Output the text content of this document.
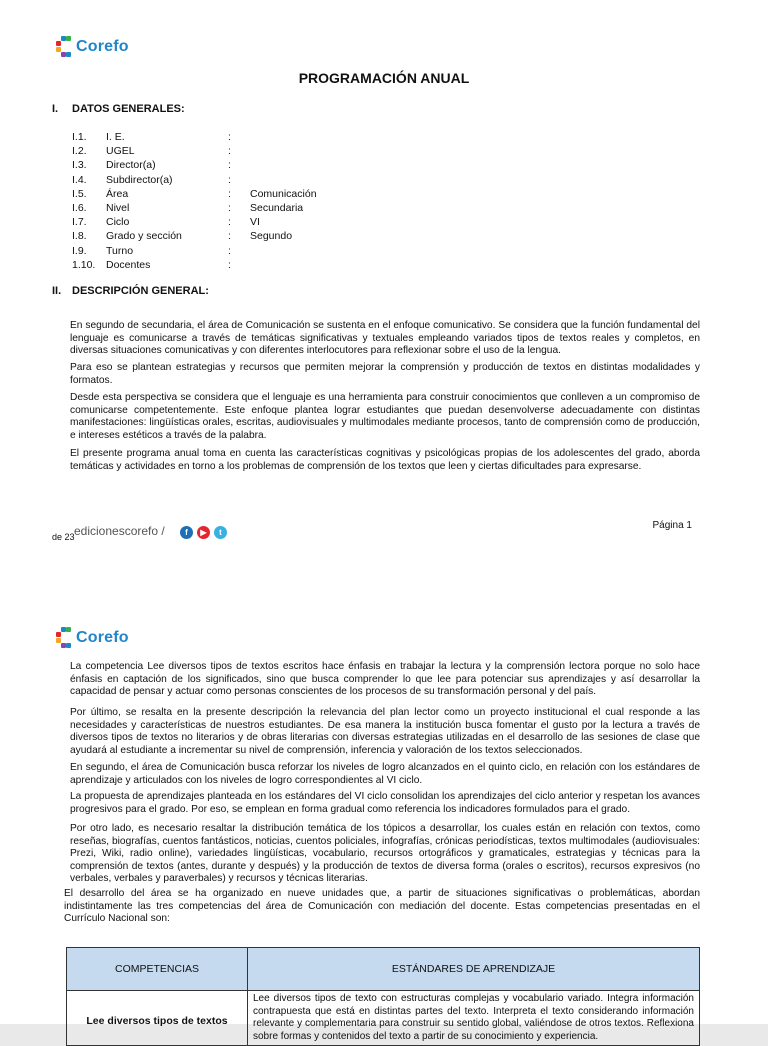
Corefo
PROGRAMACIÓN ANUAL
I. DATOS GENERALES:
I.1.	I. E.	:
I.2.	UGEL	:
I.3.	Director(a)	:
I.4.	Subdirector(a)	:
I.5.	Área	: Comunicación
I.6.	Nivel	: Secundaria
I.7.	Ciclo	: VI
I.8.	Grado y sección	: Segundo
I.9.	Turno	:
1.10.	Docentes	:
II. DESCRIPCIÓN GENERAL:

En segundo de secundaria, el área de Comunicación se sustenta en el enfoque comunicativo. Se considera que la función fundamental del lenguaje es comunicarse a través de temáticas significativas y textuales empleando variados tipos de textos reales y completos, en diversas situaciones comunicativas y con diferentes interlocutores para reflexionar sobre el uso de la lengua.

Para eso se plantean estrategias y recursos que permiten mejorar la comprensión y producción de textos en distintas modalidades y formatos.

Desde esta perspectiva se considera que el lenguaje es una herramienta para construir conocimientos que conlleven a un compromiso de comunicarse competentemente. Este enfoque plantea lograr estudiantes que puedan desenvolverse adecuadamente con distintas manifestaciones: lingüísticas orales, escritas, audiovisuales y multimodales mediante procesos, tanto de comprensión como de producción, e intereses estéticos a través de la palabra.

El presente programa anual toma en cuenta las características cognitivas y psicológicas propias de los adolescentes del grado, aborda temáticas y actividades en torno a los problemas de comprensión de los textos que leen y ciertas dificultades para expresarse.

de 23 edicionescorefo /	f	▶	t
Página 1
Corefo

La competencia Lee diversos tipos de textos escritos hace énfasis en trabajar la lectura y la comprensión lectora porque no solo hace énfasis en captación de los significados, sino que busca comprender lo que lee para potenciar sus aprendizajes y así desarrollar la capacidad de pensar y actuar como personas conscientes de los procesos de su transformación personal y del país.

Por último, se resalta en la presente descripción la relevancia del plan lector como un proyecto institucional el cual responde a las necesidades y características de nuestros estudiantes. De esa manera la institución busca fomentar el gusto por la lectura a través de diversos tipos de textos no literarios y de obras literarias con diversas estrategias utilizadas en el desarrollo de las sesiones de clase que ayudará al estudiante a incrementar su nivel de comprensión, inferencia y valoración de los textos seleccionados.

En segundo, el área de Comunicación busca reforzar los niveles de logro alcanzados en el quinto ciclo, en relación con los estándares de aprendizaje y articulados con los niveles de logro correspondientes al VI ciclo.

La propuesta de aprendizajes planteada en los estándares del VI ciclo consolidan los aprendizajes del ciclo anterior y respetan los avances progresivos para el grado. Por eso, se emplean en forma gradual como referencia los indicadores formulados para el grado.

Por otro lado, es necesario resaltar la distribución temática de los tópicos a desarrollar, los cuales están en relación con textos, como reseñas, biografías, cuentos fantásticos, noticias, cuentos policiales, infografías, crónicas periodísticas, textos multimodales (audiovisuales: Prezi, Wiki, radio online), variedades lingüísticas, vocabulario, recursos ortográficos y gramaticales, estrategias y técnicas para la comprensión de textos (antes, durante y después) y la producción de textos de diversa forma (orales o escritos), recursos expresivos (no verbales, verbales y paraverbales) y recursos y técnicas literarias.

El desarrollo del área se ha organizado en nueve unidades que, a partir de situaciones significativas o problemáticas, abordan indistintamente las tres competencias del área de Comunicación con mediación del docente. Estas competencias presentadas en el Currículo Nacional son:

COMPETENCIAS	ESTÁNDARES DE APRENDIZAJE
Lee diversos tipos de textos	Lee diversos tipos de texto con estructuras complejas y vocabulario variado. Integra información contrapuesta que está en distintas partes del texto. Interpreta el texto considerando información relevante y complementaria para construir su sentido global, valiéndose de otros textos. Reflexiona sobre formas y contenidos del texto a partir de su conocimiento y experiencia.
